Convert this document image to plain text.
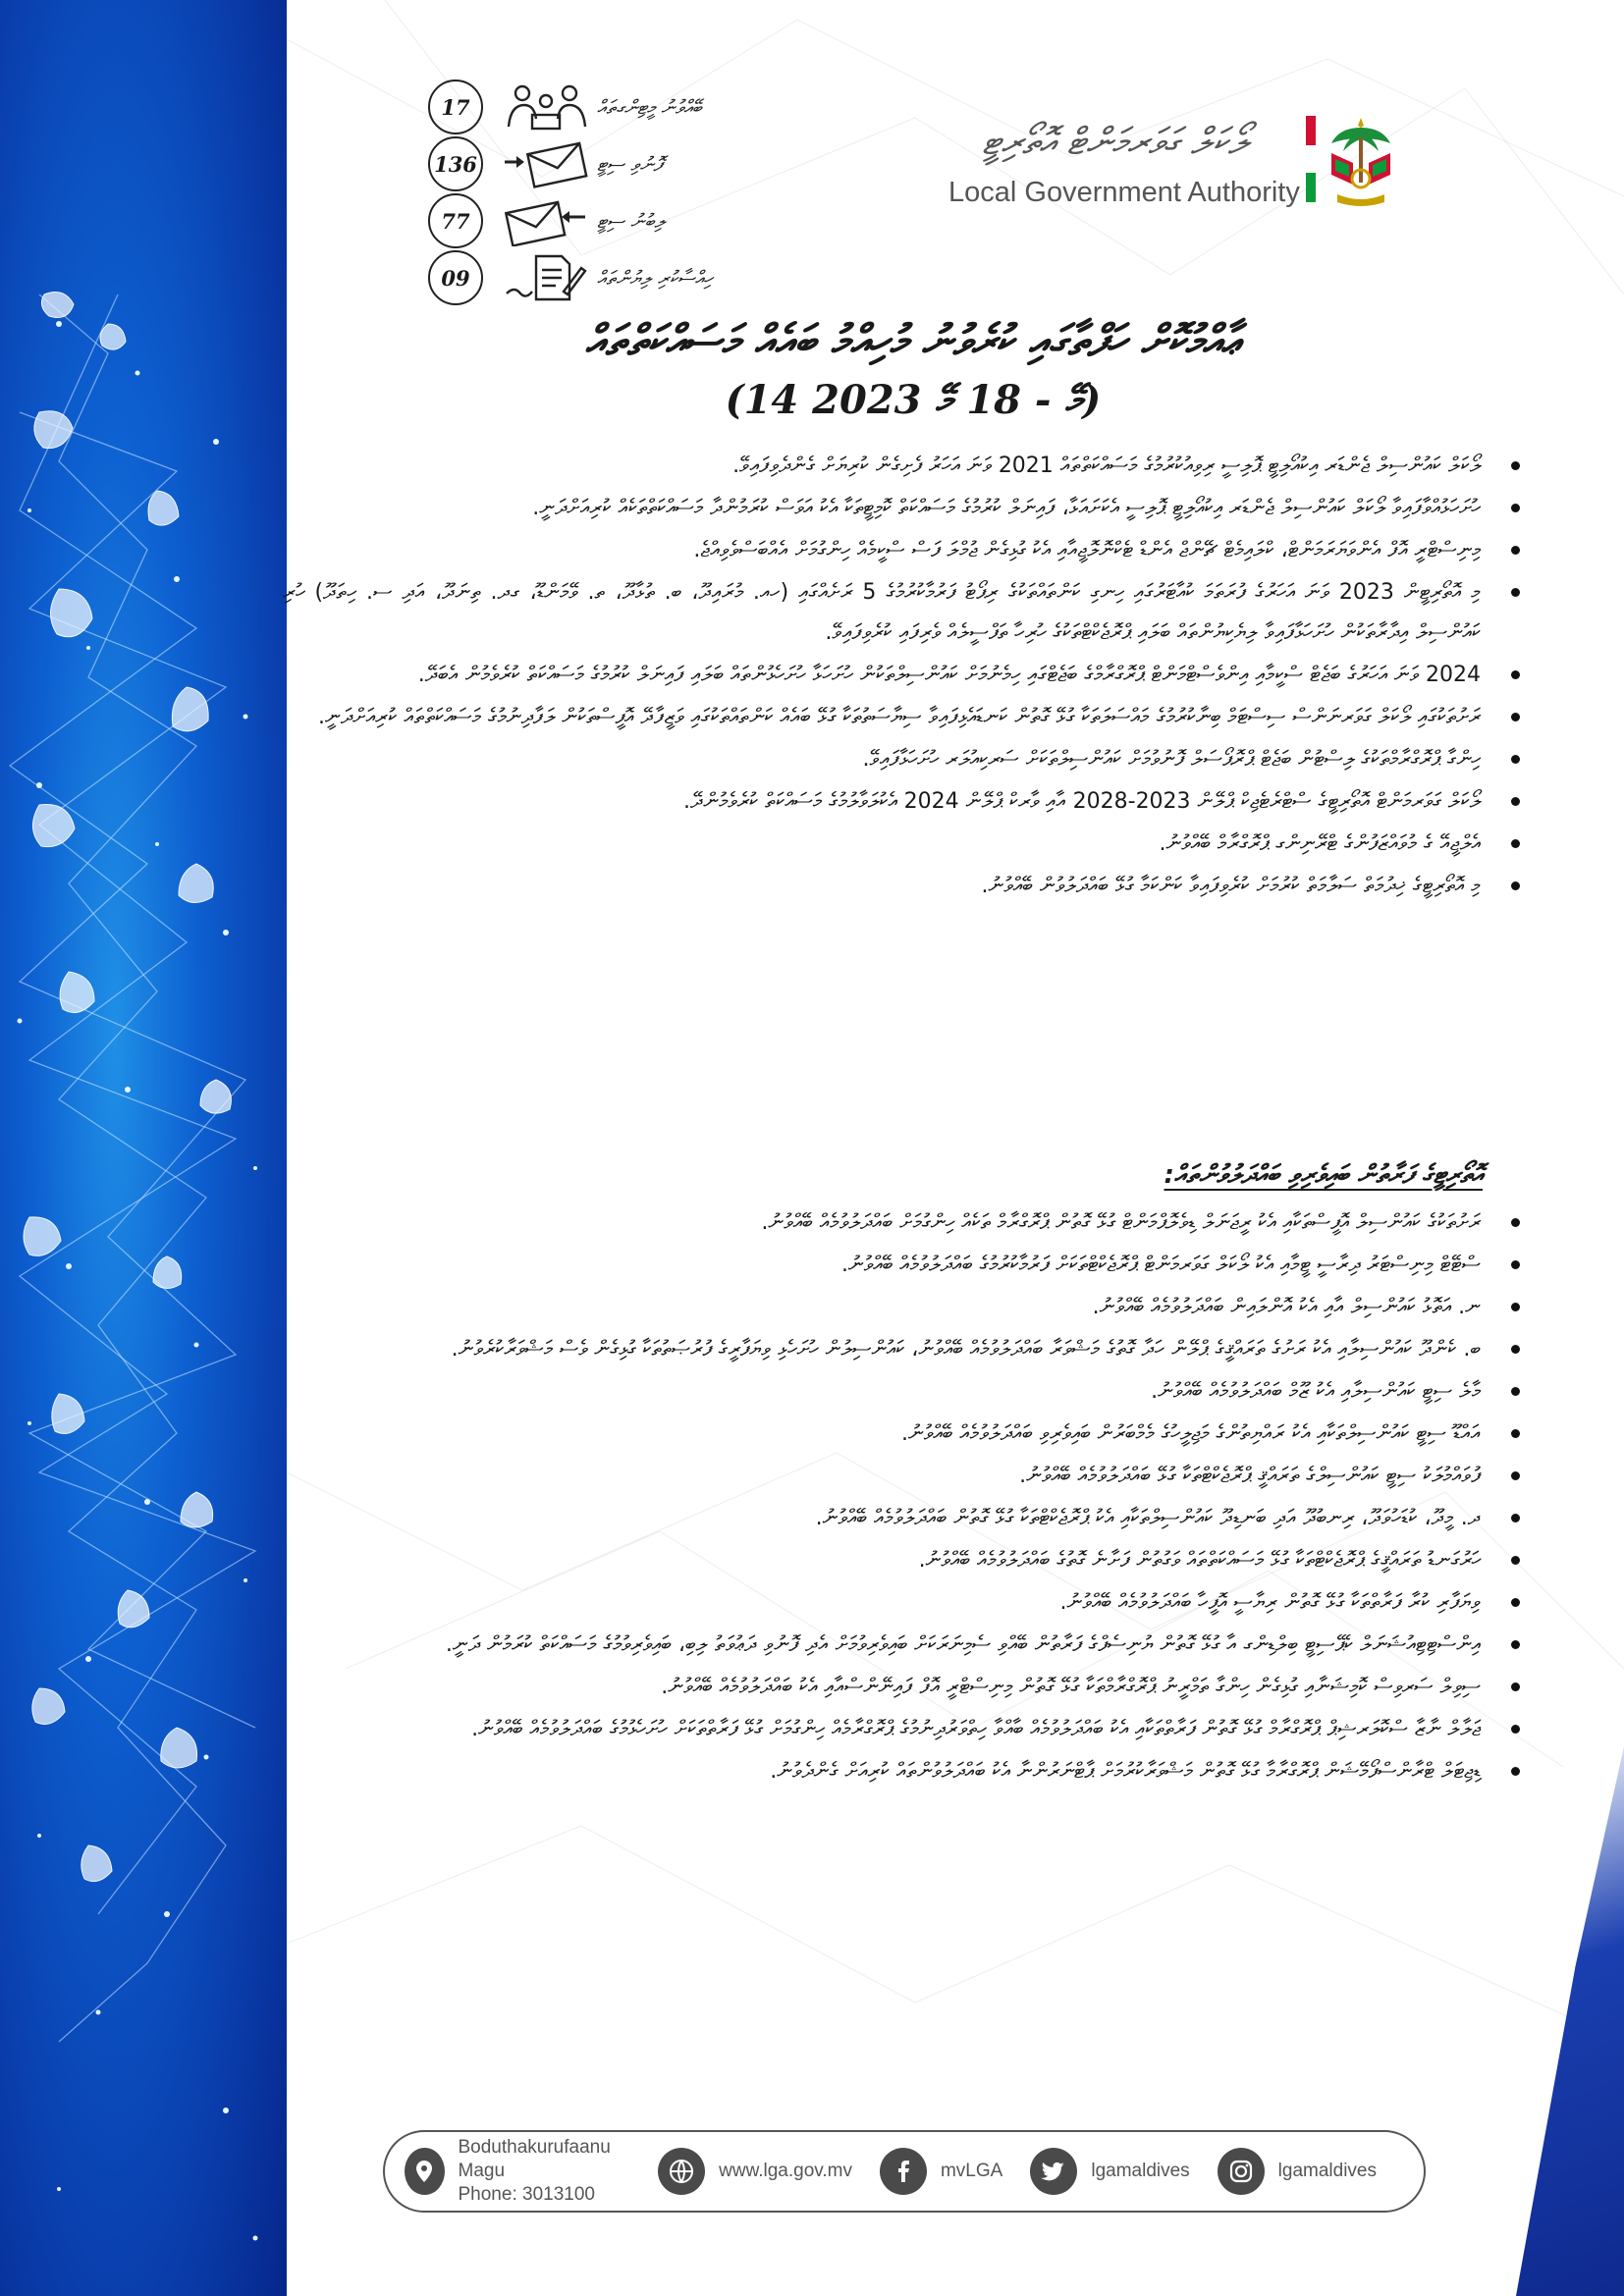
17	ބޭއްވުނު މީޓިންގތައް
136	ފޮނުވި ސިޓީ
77	ލިބުނު ސިޓީ
09	ހިއްސާކުރި ލިޔުންތައް
ލޯކަލް ގަވަރމަންޓް އޮތޯރިޓީ
Local Government Authority
ޢާއްމުކޮށް ހަފްތާގައި ކުރެވުނު މުހިއްމު ބައެއް މަސައްކަތްތައް
(14 މޭ - 18 މޭ 2023)
ލޯކަލް ކައުންސިލް ޖެންޑަރ އިކުއޯލިޓީ ޕޮލިސީ ރިވިއުކުރުމުގެ މަސައްކަތްތައް 2021 ވަނަ އަހަރު ފެށިގެން ކުރިޔަށް ގެންދެވިފައިވޭ.
ހުށަހަޅުއްވާފައިވާ ލޯކަލް ކައުންސިލް ޖެންޑަރ އިކުއޯލިޓީ ޕޮލިސީ އެކަށައަޅާ، ފައިނަލް ކުރުމުގެ މަސައްކަތް ކޮމިޓީތަކާ އެކު އަވަސް ކުރަމުންދާ މަސައްކަތްތަކެއް ކުރިއަށްދަނީ.
މިނިސްޓްރީ އޮފް އެންވަޔަރަމަންޓް، ކްލައިމެޓް ޗޭންޖް އެންޑް ޓެކްނޮލޮޖީއާއި އެކު ގުޅިގެން ޖުމްލަ ފަސް ސްކީމެއް ހިންގުމަށް އެއްބަސްވެވިއްޖެ.
މި އޮތޯރިޓީން 2023 ވަނަ އަހަރުގެ ފުރަތަމަ ކުއާޓަރުގައި ހިނގި ކަންތައްތަކުގެ ރިޕޯޓު ފަރުމާކުރުމުގެ 5 ރަށެއްގައި (ހއ. މުރައިދޫ، ބ. ތުޅާދޫ، ތ. ވޭމަންޑޫ، ގދ. ތިނަދޫ، އަދި ސ. ހިތަދޫ) ހުރި ކައުންސިލް އިދާރާތަކުން ހުށަހަޅާފައިވާ ލިޔެކިޔުންތައް ބަލައި ޕްރޮޖެކްޓްތަކުގެ ހުރިހާ ތަފްސީލެއް ވެރިފައި ކުރެވިފައިވޭ.
2024 ވަނަ އަހަރުގެ ބަޖެޓް ސްކީމާއި އިންވެސްޓްމަންޓް ޕްރޮގްރާމްގެ ބަޖެޓްގައި ހިމެނުމަށް ކައުންސިލްތަކުން ހުށަހަޅާ ހުށަހެޅުންތައް ބަލައި ފައިނަލް ކުރުމުގެ މަސައްކަތް ކުރެވެމުން އެބަދޭ.
ރަށުތަކުގައި ލޯކަލް ގަވަރނަންސް ސިސްޓަމް ބިނާކުރުމުގެ މައްސަލަތަކާ ގުޅޭ ގޮތުން ކަނޑައެޅިފައިވާ ސިޔާސަތުތަކާ ގުޅޭ ބައެއް ކަންތައްތަކުގައި ވަޒީފާދޭ އޮފީސްތަކުން ލަފާދިނުމުގެ މަސައްކަތްތައް ކުރިއަށްދަނީ.
ހިންގާ ޕްރޮގްރާމްތަކުގެ ލިސްޓުން ބަޖެޓް ޕްރޮޕޯސަލް ފޮނުވުމަށް ކައުންސިލްތަކަށް ސަރކިއުލަރ ހުށަހަޅާފައިވޭ.
ލޯކަލް ގަވަރމަންޓް އޮތޯރިޓީގެ ސްޓްރެޓެޖިކް ޕްލޭން 2023-2028 އާއި ވާރކް ޕްލޭން 2024 އެކުލަވާލުމުގެ މަސައްކަތް ކުރެވެމުންދޭ.
އެލްޖީއޭ ގެ މުވައްޒަފުންގެ ޓްރޭނިންގ ޕްރޮގްރާމް ބޭއްވުނު.
މި އޮތޯރިޓީގެ ޚިދުމަތް ސަލާމަތް ކުރުމަށް ކުރެވިފައިވާ ކަންކަމާ ގުޅޭ ބައްދަލުވުން ބޭއްވުނު.
އޮތޯރިޓީގެ ފަރާތުން ބައިވެރިވި ބައްދަލުވުންތައް:
ރަށުތަކުގެ ކައުންސިލް އޮފީސްތަކާއި އެކު ރީޖަނަލް ޑިވެލޮޕްމަންޓް ގުޅޭ ގޮތުން ޕްރޮގްރާމް ތަކެއް ހިންގުމަށް ބައްދަލުވުމެއް ބޭއްވުނު.
ސްޓޭޓް މިނިސްޓަރު ދިރާސީ ޓީމާއި އެކު ލޯކަލް ގަވަރމަންޓް ޕްރޮޖެކްޓްތަކަށް ފަރުމާކުރުމުގެ ބައްދަލުވުމެއް ބޭއްވުނު.
ނ. އަތޮޅު ކައުންސިލް އާއި އެކު އޮންލައިން ބައްދަލުވުމެއް ބޭއްވުނު.
ބ. ކެންދޫ ކައުންސިލާއި އެކު ރަށުގެ ތަރައްޤީގެ ޕްލޭން ހަދާ ގޮތުގެ މަޝްވަރާ ބައްދަލުވުމެއް ބޭއްވުނު، ކައުންސިލުން ހުށަހެޅި ވިޔަފާރީގެ ފުރުޞަތުތަކާ ގުޅިގެން ވެސް މަޝްވަރާކުރެވުނު.
މާލެ ސިޓީ ކައުންސިލާއި އެކު ޒޫމް ބައްދަލުވުމެއް ބޭއްވުނު.
އައްޑޫ ސިޓީ ކައުންސިލްތަކާއި އެކު ރައްޔިތުންގެ މަޖިލީހުގެ މެމްބަރުން ބައިވެރިވި ބައްދަލުވުމެއް ބޭއްވުނު.
ފުވައްމުލަކު ސިޓީ ކައުންސިލްގެ ތަރައްޤީ ޕްރޮޖެކްޓްތަކާ ގުޅޭ ބައްދަލުވުމެއް ބޭއްވުނު.
ދ. މީދޫ، ކުޑަހުވަދޫ، ރިނބުދޫ އަދި ބަނޑިދޫ ކައުންސިލްތަކާއި އެކު ޕްރޮޖެކްޓްތަކާ ގުޅޭ ގޮތުން ބައްދަލުވުމެއް ބޭއްވުނު.
ހަރުގަނޑު ތަރައްޤީގެ ޕްރޮޖެކްޓްތަކާ ގުޅޭ މަސައްކަތްތައް ވަގުތުން ފަށާނެ ގޮތުގެ ބައްދަލުވުމެއް ބޭއްވުނު.
ވިޔަފާރި ކުރާ ފަރާތްތަކާ ގުޅޭ ގޮތުން ރިޔާސީ އޮފީހާ ބައްދަލުވުމެއް ބޭއްވުނު.
އިންސްޓިޓިއުޝަނަލް ކެޕޭސިޓީ ބިލްޑިންގ އާ ގުޅޭ ގޮތުން ޔުނިސެފްގެ ފަރާތުން ބޭއްވި ސެމިނަރަކަށް ބައިވެރިވުމަށް އެދި ފޮނުވި ދަޢުވަތު ލިބި، ބައިވެރިވުމުގެ މަސައްކަތް ކުރަމުން ދަނީ.
ސިވިލް ސަރވިސް ކޮމިޝަނާއި ގުޅިގެން ހިންގާ ތަމްރީނު ޕްރޮގްރާމްތަކާ ގުޅޭ ގޮތުން މިނިސްޓްރީ އޮފް ފައިނޭންސްއާއި އެކު ބައްދަލުވުމެއް ބޭއްވުނު.
ޖަލާލް ނާޒާ ސްކޮލަރޝިޕް ޕްރޮގްރާމް ގުޅޭ ގޮތުން ފަރާތްތަކާއި އެކު ބައްދަލުވުމެއް ބާއްވާ ހިތްވަރުދިނުމުގެ ޕްރޮގްރާމެއް ހިންގުމަށް ގުޅޭ ފަރާތްތަކަށް ހުށަހެޅުމުގެ ބައްދަލުވުމެއް ބޭއްވުނު.
ޑިޖިޓަލް ޓްރާންސްފޯމޭޝަން ޕްރޮގްރާމާ ގުޅޭ ގޮތުން މަޝްވަރާކުރުމަށް ޕާޓްނަރުންނާ އެކު ބައްދަލުވުންތައް ކުރިއަށް ގެންދެވުނު.
Boduthakurufaanu Magu
Phone: 3013100
www.lga.gov.mv	mvLGA	lgamaldives	lgamaldives
